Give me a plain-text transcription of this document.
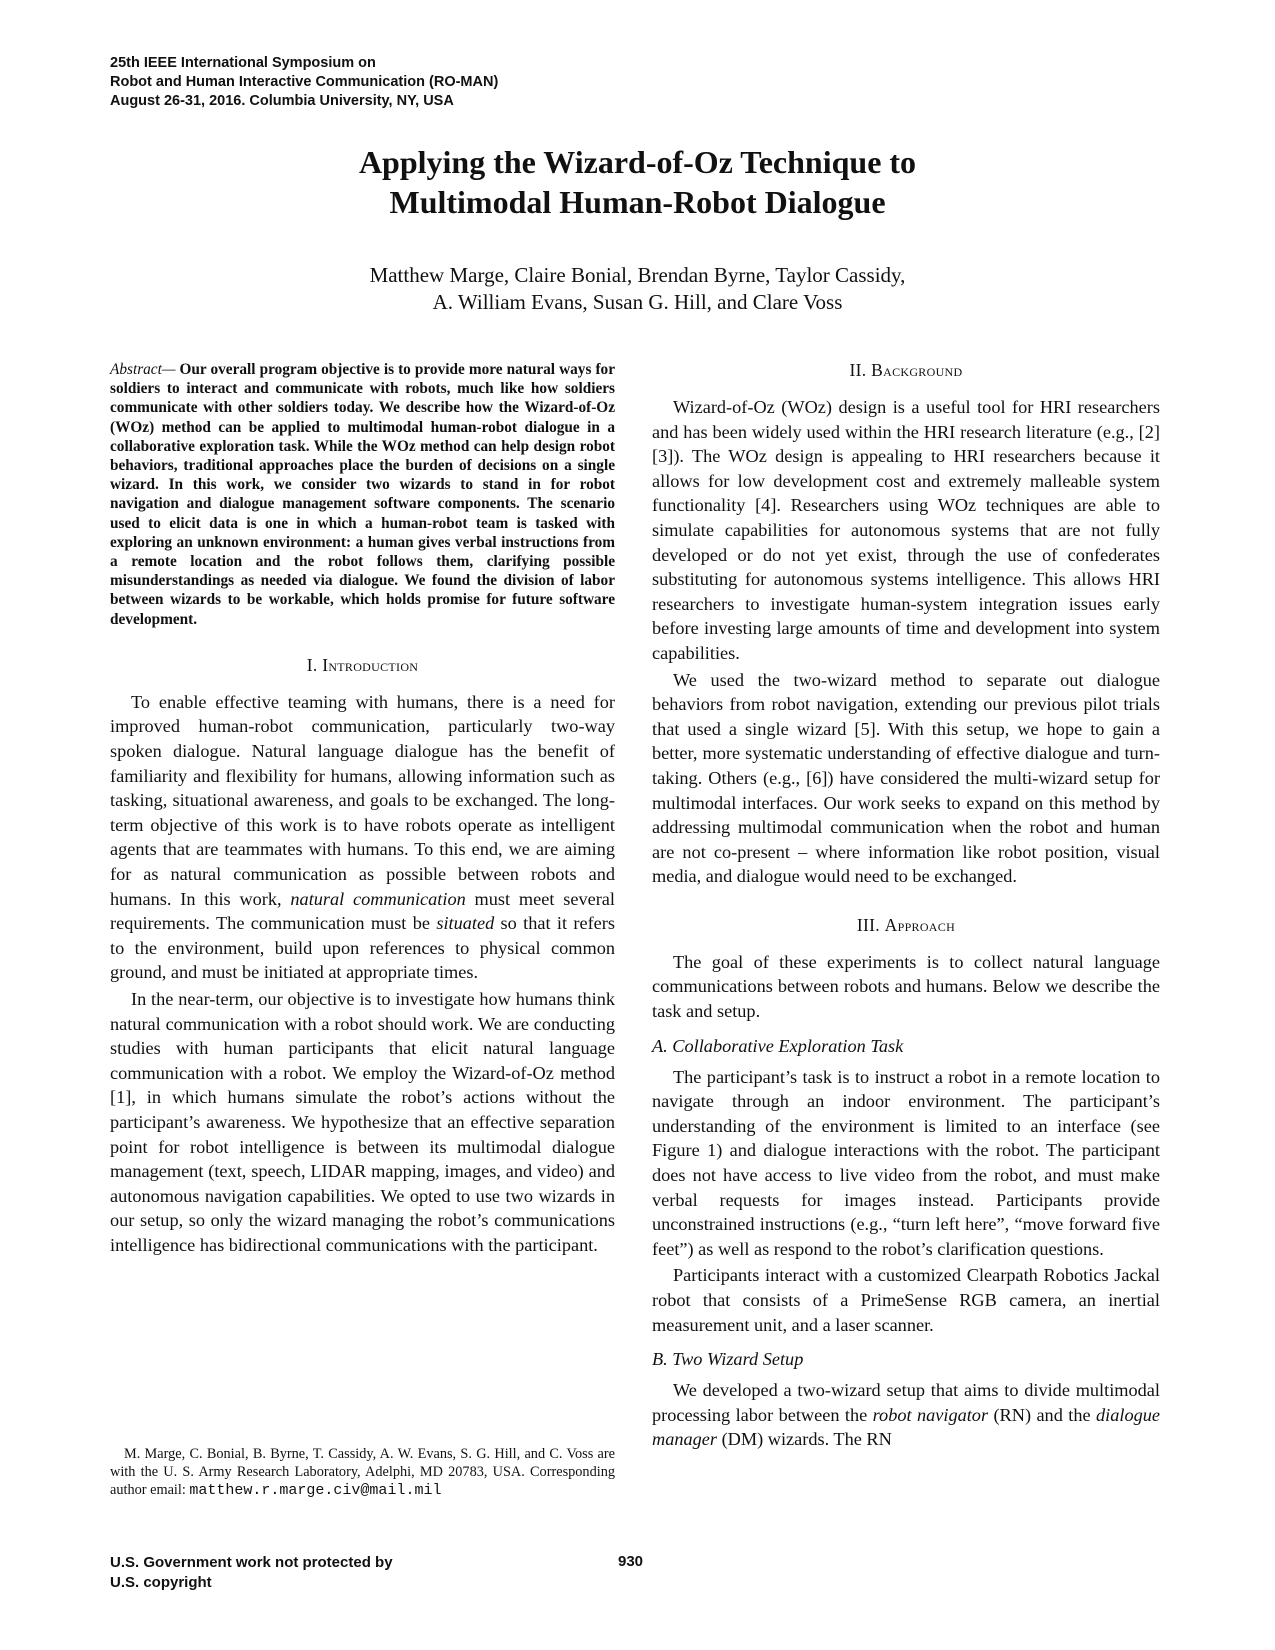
25th IEEE International Symposium on
Robot and Human Interactive Communication (RO-MAN)
August 26-31, 2016. Columbia University, NY, USA
Applying the Wizard-of-Oz Technique to
Multimodal Human-Robot Dialogue
Matthew Marge, Claire Bonial, Brendan Byrne, Taylor Cassidy,
A. William Evans, Susan G. Hill, and Clare Voss

Abstract— Our overall program objective is to provide more natural ways for soldiers to interact and communicate with robots, much like how soldiers communicate with other soldiers today. We describe how the Wizard-of-Oz (WOz) method can be applied to multimodal human-robot dialogue in a collaborative exploration task. While the WOz method can help design robot behaviors, traditional approaches place the burden of decisions on a single wizard. In this work, we consider two wizards to stand in for robot navigation and dialogue management software components. The scenario used to elicit data is one in which a human-robot team is tasked with exploring an unknown environment: a human gives verbal instructions from a remote location and the robot follows them, clarifying possible misunderstandings as needed via dialogue. We found the division of labor between wizards to be workable, which holds promise for future software development.

I. Introduction

To enable effective teaming with humans, there is a need for improved human-robot communication, particularly two-way spoken dialogue. Natural language dialogue has the benefit of familiarity and flexibility for humans, allowing information such as tasking, situational awareness, and goals to be exchanged. The long-term objective of this work is to have robots operate as intelligent agents that are teammates with humans. To this end, we are aiming for as natural communication as possible between robots and humans. In this work, natural communication must meet several requirements. The communication must be situated so that it refers to the environment, build upon references to physical common ground, and must be initiated at appropriate times.

In the near-term, our objective is to investigate how humans think natural communication with a robot should work. We are conducting studies with human participants that elicit natural language communication with a robot. We employ the Wizard-of-Oz method [1], in which humans simulate the robot’s actions without the participant’s awareness. We hypothesize that an effective separation point for robot intelligence is between its multimodal dialogue management (text, speech, LIDAR mapping, images, and video) and autonomous navigation capabilities. We opted to use two wizards in our setup, so only the wizard managing the robot’s communications intelligence has bidirectional communications with the participant.

M. Marge, C. Bonial, B. Byrne, T. Cassidy, A. W. Evans, S. G. Hill, and C. Voss are with the U. S. Army Research Laboratory, Adelphi, MD 20783, USA. Corresponding author email: matthew.r.marge.civ@mail.mil

II. Background

Wizard-of-Oz (WOz) design is a useful tool for HRI researchers and has been widely used within the HRI research literature (e.g., [2][3]). The WOz design is appealing to HRI researchers because it allows for low development cost and extremely malleable system functionality [4]. Researchers using WOz techniques are able to simulate capabilities for autonomous systems that are not fully developed or do not yet exist, through the use of confederates substituting for autonomous systems intelligence. This allows HRI researchers to investigate human-system integration issues early before investing large amounts of time and development into system capabilities.

We used the two-wizard method to separate out dialogue behaviors from robot navigation, extending our previous pilot trials that used a single wizard [5]. With this setup, we hope to gain a better, more systematic understanding of effective dialogue and turn-taking. Others (e.g., [6]) have considered the multi-wizard setup for multimodal interfaces. Our work seeks to expand on this method by addressing multimodal communication when the robot and human are not co-present – where information like robot position, visual media, and dialogue would need to be exchanged.

III. Approach

The goal of these experiments is to collect natural language communications between robots and humans. Below we describe the task and setup.

A. Collaborative Exploration Task

The participant’s task is to instruct a robot in a remote location to navigate through an indoor environment. The participant’s understanding of the environment is limited to an interface (see Figure 1) and dialogue interactions with the robot. The participant does not have access to live video from the robot, and must make verbal requests for images instead. Participants provide unconstrained instructions (e.g., “turn left here”, “move forward five feet”) as well as respond to the robot’s clarification questions.

Participants interact with a customized Clearpath Robotics Jackal robot that consists of a PrimeSense RGB camera, an inertial measurement unit, and a laser scanner.

B. Two Wizard Setup

We developed a two-wizard setup that aims to divide multimodal processing labor between the robot navigator (RN) and the dialogue manager (DM) wizards. The RN

U.S. Government work not protected by
U.S. copyright
930
